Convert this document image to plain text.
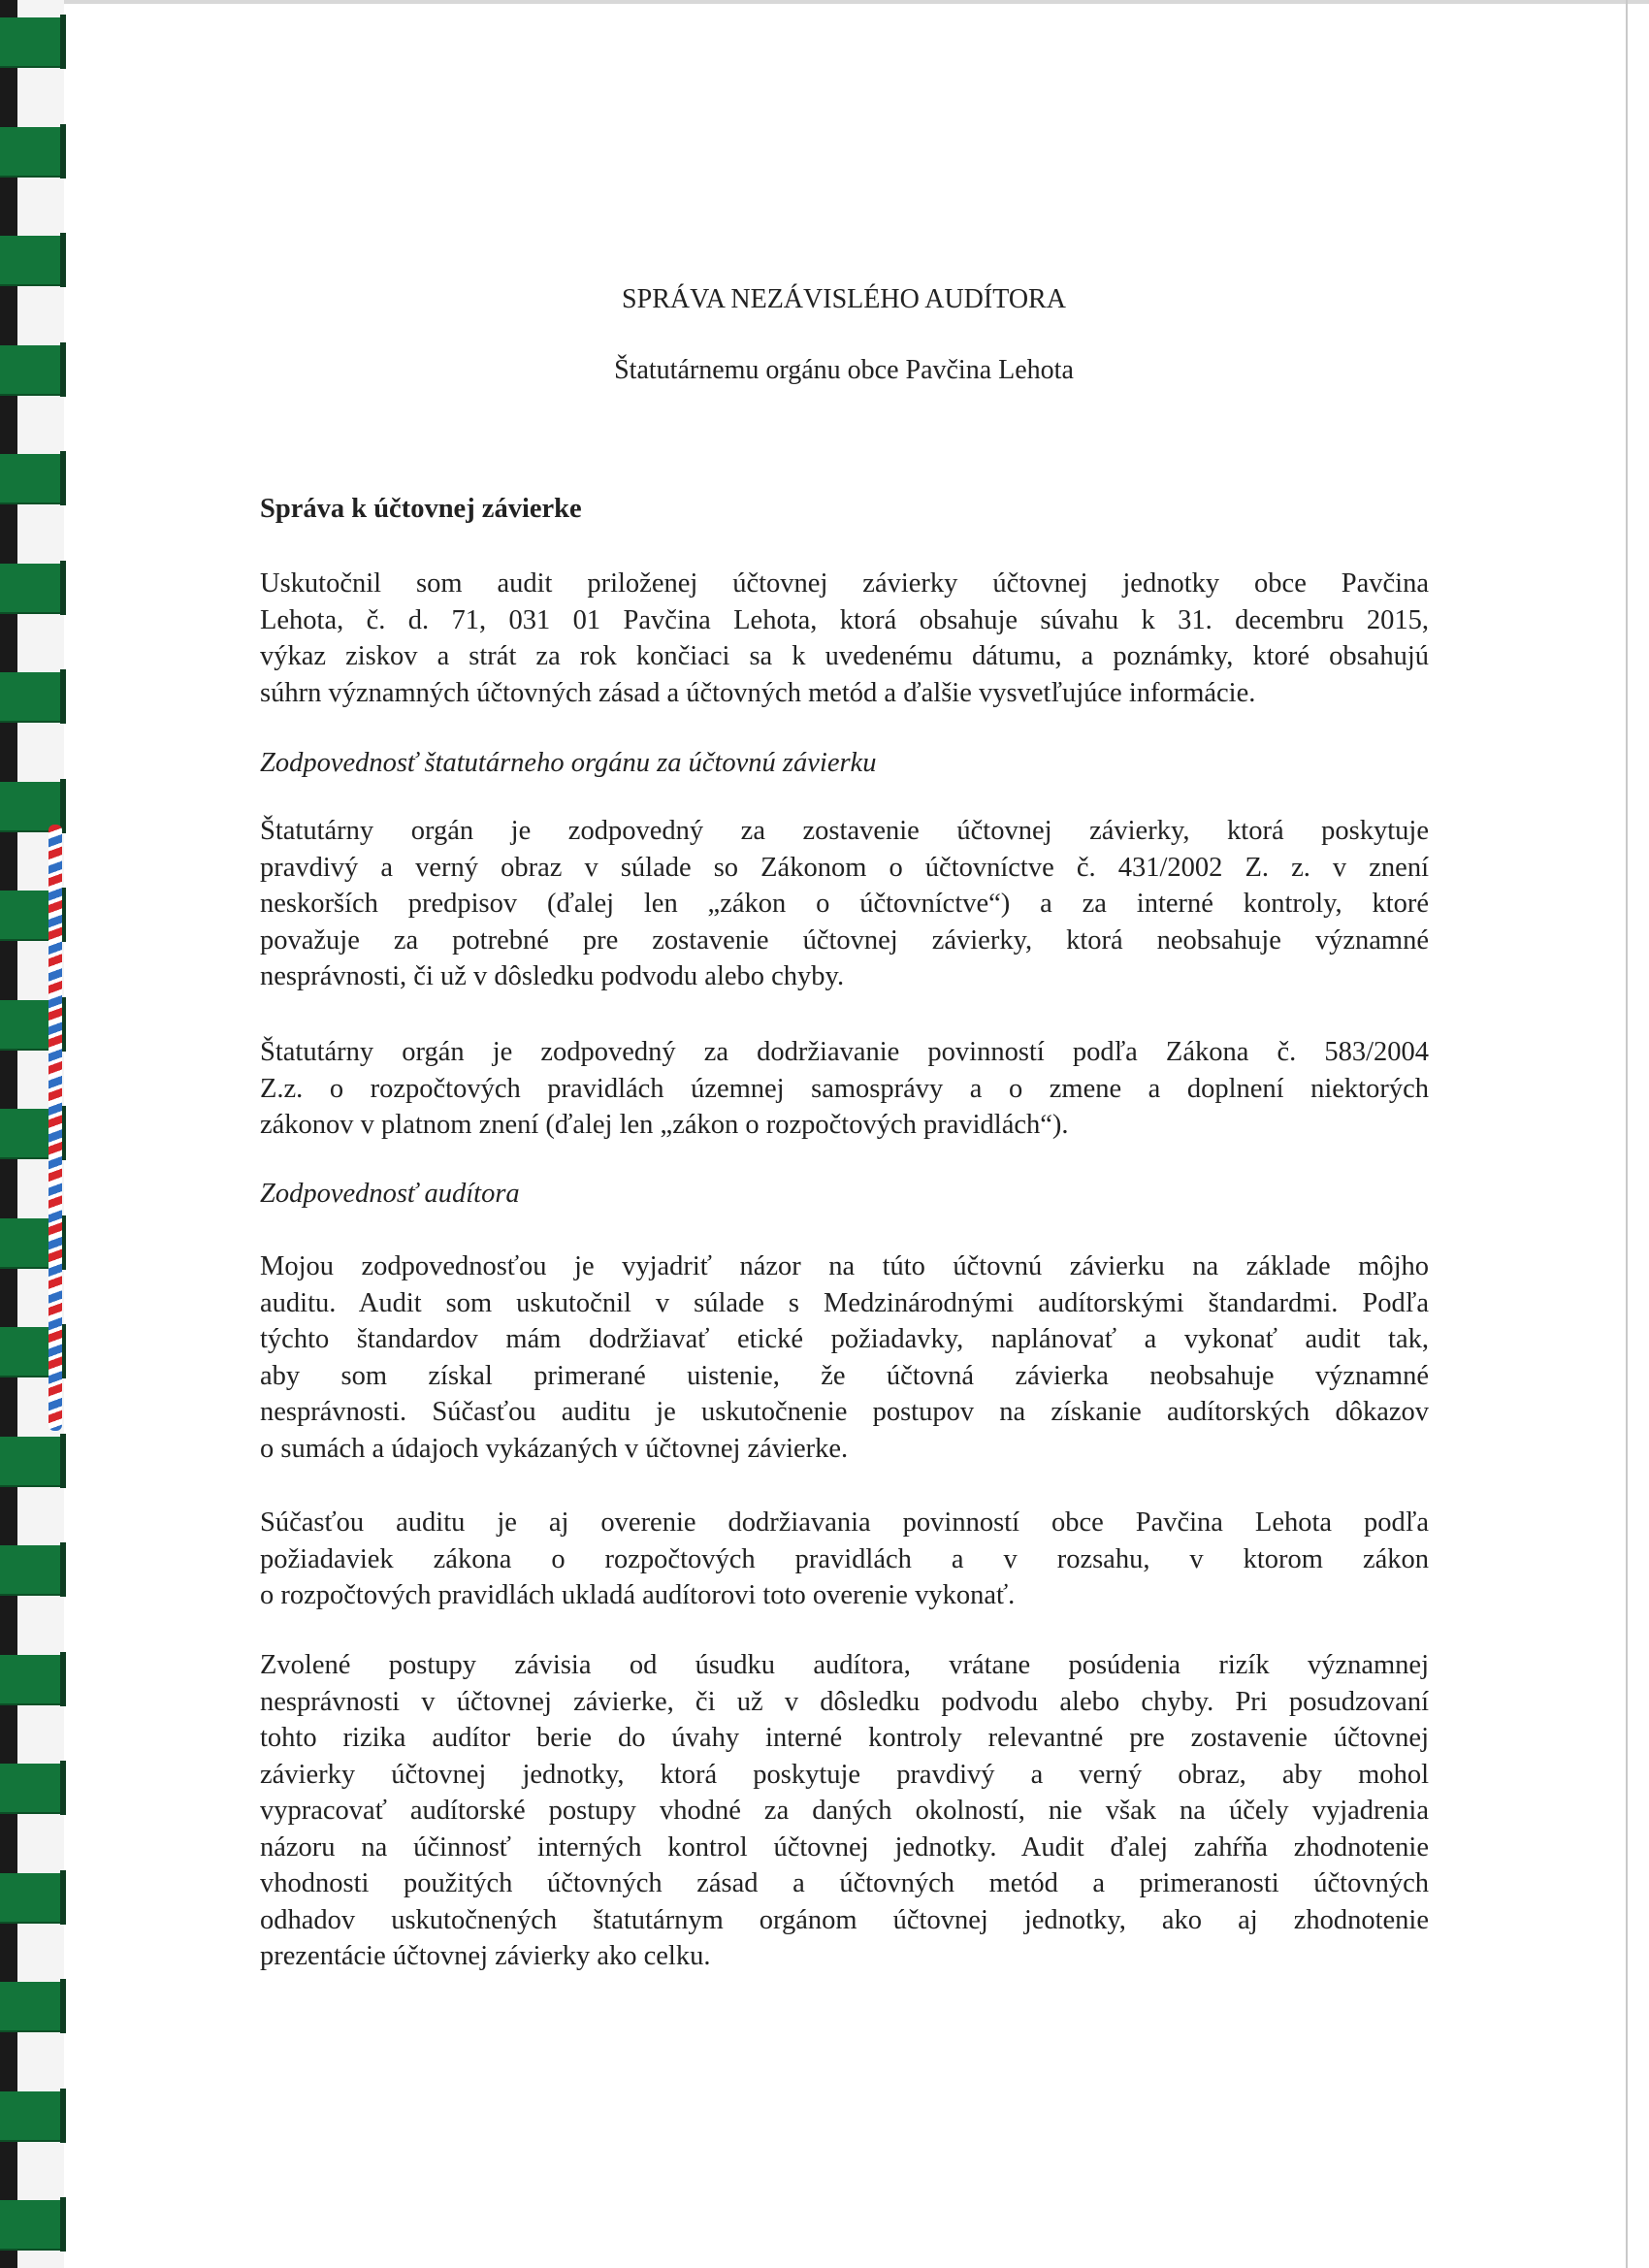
SPRÁVA NEZÁVISLÉHO AUDÍTORA
Štatutárnemu orgánu obce Pavčina Lehota
Správa k účtovnej závierke
Uskutočnil som audit priloženej účtovnej závierky účtovnej jednotky obce Pavčina
Lehota, č. d. 71, 031 01 Pavčina Lehota, ktorá obsahuje súvahu k 31. decembru 2015,
výkaz ziskov a strát za rok končiaci sa k uvedenému dátumu, a poznámky, ktoré obsahujú
súhrn významných účtovných zásad a účtovných metód a ďalšie vysvetľujúce informácie.
Zodpovednosť štatutárneho orgánu za účtovnú závierku
Štatutárny orgán je zodpovedný za zostavenie účtovnej závierky, ktorá poskytuje
pravdivý a verný obraz v súlade so Zákonom o účtovníctve č. 431/2002 Z. z. v znení
neskorších predpisov (ďalej len „zákon o účtovníctve“) a za interné kontroly, ktoré
považuje za potrebné pre zostavenie účtovnej závierky, ktorá neobsahuje významné
nesprávnosti, či už v dôsledku podvodu alebo chyby.
Štatutárny orgán je zodpovedný za dodržiavanie povinností podľa Zákona č. 583/2004
Z.z. o rozpočtových pravidlách územnej samosprávy a o zmene a doplnení niektorých
zákonov v platnom znení (ďalej len „zákon o rozpočtových pravidlách“).
Zodpovednosť audítora
Mojou zodpovednosťou je vyjadriť názor na túto účtovnú závierku na základe môjho
auditu. Audit som uskutočnil v súlade s Medzinárodnými audítorskými štandardmi. Podľa
týchto štandardov mám dodržiavať etické požiadavky, naplánovať a vykonať audit tak,
aby som získal primerané uistenie, že účtovná závierka neobsahuje významné
nesprávnosti. Súčasťou auditu je uskutočnenie postupov na získanie audítorských dôkazov
o sumách a údajoch vykázaných v účtovnej závierke.
Súčasťou auditu je aj overenie dodržiavania povinností obce Pavčina Lehota podľa
požiadaviek zákona o rozpočtových pravidlách a v rozsahu, v ktorom zákon
o rozpočtových pravidlách ukladá audítorovi toto overenie vykonať.
Zvolené postupy závisia od úsudku audítora, vrátane posúdenia rizík významnej
nesprávnosti v účtovnej závierke, či už v dôsledku podvodu alebo chyby. Pri posudzovaní
tohto rizika audítor berie do úvahy interné kontroly relevantné pre zostavenie účtovnej
závierky účtovnej jednotky, ktorá poskytuje pravdivý a verný obraz, aby mohol
vypracovať audítorské postupy vhodné za daných okolností, nie však na účely vyjadrenia
názoru na účinnosť interných kontrol účtovnej jednotky. Audit ďalej zahŕňa zhodnotenie
vhodnosti použitých účtovných zásad a účtovných metód a primeranosti účtovných
odhadov uskutočnených štatutárnym orgánom účtovnej jednotky, ako aj zhodnotenie
prezentácie účtovnej závierky ako celku.
